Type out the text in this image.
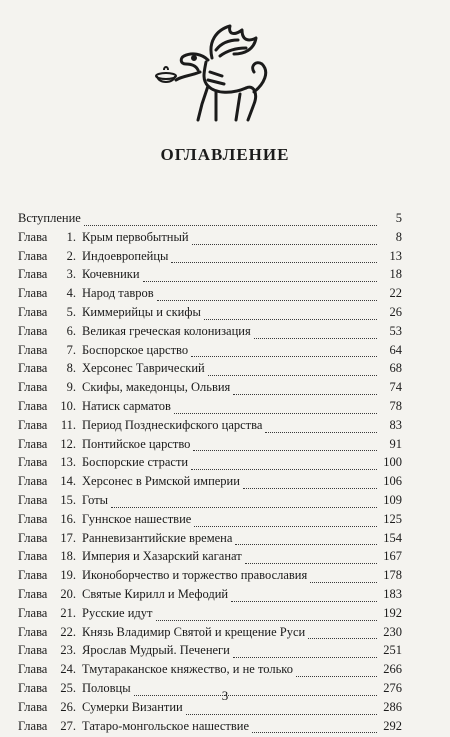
ОГЛАВЛЕНИЕ
Вступление	5
Глава	1. Крым первобытный	8
Глава	2. Индоевропейцы	13
Глава	3. Кочевники	18
Глава	4. Народ тавров	22
Глава	5. Киммерийцы и скифы	26
Глава	6. Великая греческая колонизация	53
Глава	7. Боспорское царство	64
Глава	8. Херсонес Таврический	68
Глава	9. Скифы, македонцы, Ольвия	74
Глава	10. Натиск сарматов	78
Глава	11. Период Позднескифского царства	83
Глава	12. Понтийское царство	91
Глава	13. Боспорские страсти	100
Глава	14. Херсонес в Римской империи	106
Глава	15. Готы	109
Глава	16. Гуннское нашествие	125
Глава	17. Ранневизантийские времена	154
Глава	18. Империя и Хазарский каганат	167
Глава	19. Иконоборчество и торжество православия	178
Глава	20. Святые Кирилл и Мефодий	183
Глава	21. Русские идут	192
Глава	22. Князь Владимир Святой и крещение Руси	230
Глава	23. Ярослав Мудрый. Печенеги	251
Глава	24. Тмутараканское княжество, и не только	266
Глава	25. Половцы	276
Глава	26. Сумерки Византии	286
Глава	27. Татаро-монгольское нашествие	292
3
